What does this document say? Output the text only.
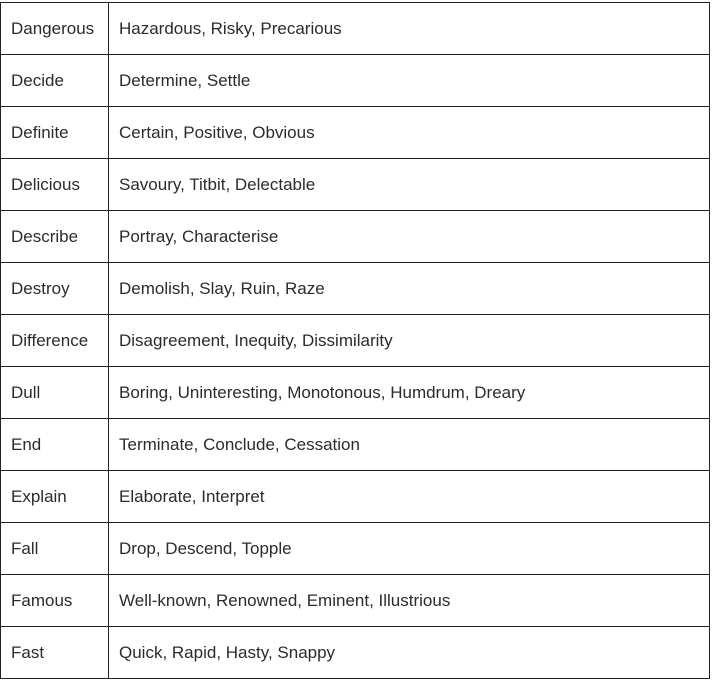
Dangerous	Hazardous, Risky, Precarious
Decide	Determine, Settle
Definite	Certain, Positive, Obvious
Delicious	Savoury, Titbit, Delectable
Describe	Portray, Characterise
Destroy	Demolish, Slay, Ruin, Raze
Difference	Disagreement, Inequity, Dissimilarity
Dull	Boring, Uninteresting, Monotonous, Humdrum, Dreary
End	Terminate, Conclude, Cessation
Explain	Elaborate, Interpret
Fall	Drop, Descend, Topple
Famous	Well-known, Renowned, Eminent, Illustrious
Fast	Quick, Rapid, Hasty, Snappy
